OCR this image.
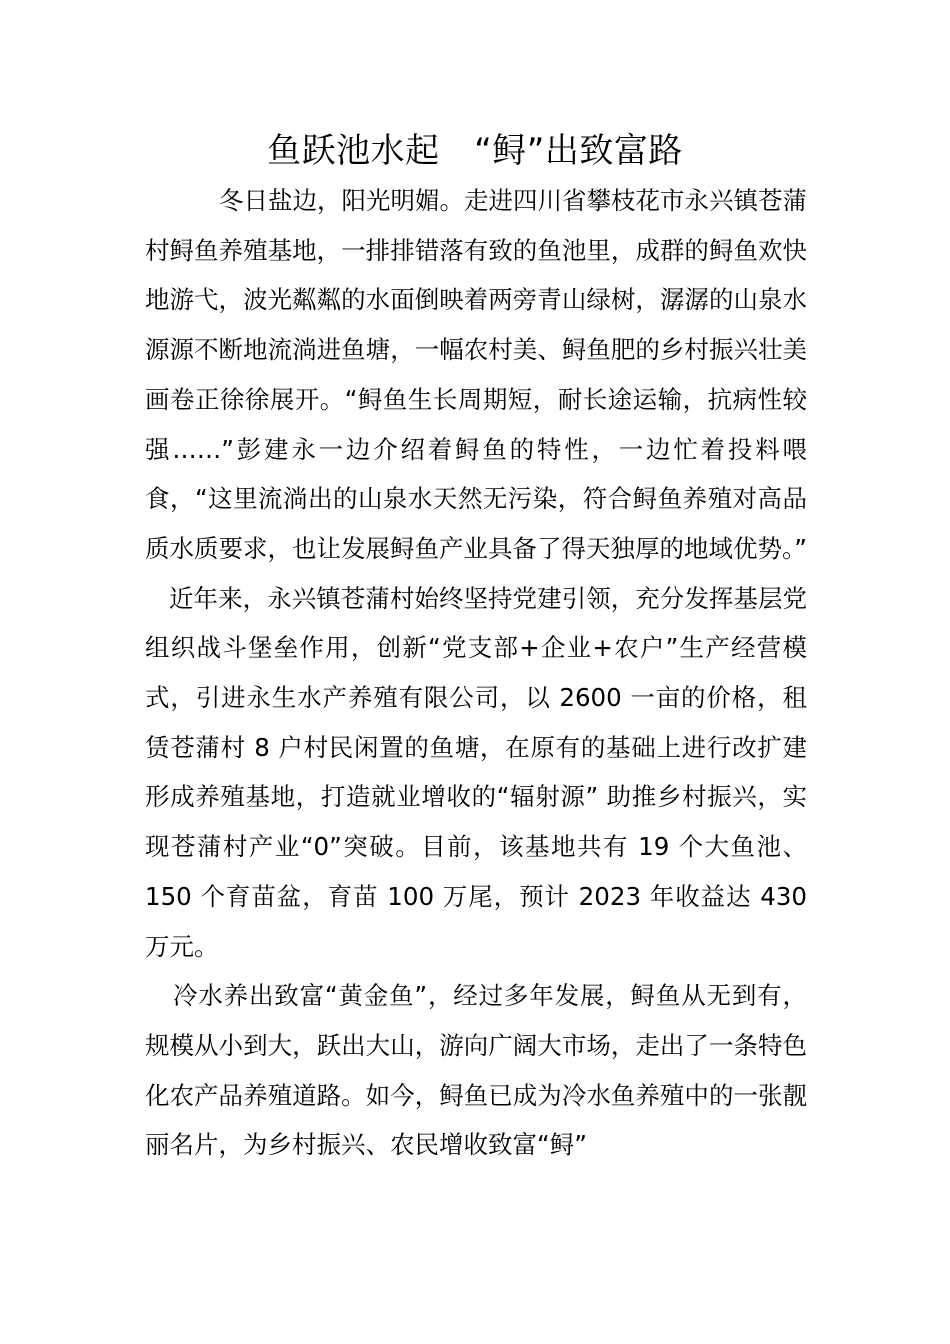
鱼跃池水起　“鲟”出致富路

冬日盐边，阳光明媚。走进四川省攀枝花市永兴镇苍蒲村鲟鱼养殖基地，一排排错落有致的鱼池里，成群的鲟鱼欢快地游弋，波光粼粼的水面倒映着两旁青山绿树，潺潺的山泉水源源不断地流淌进鱼塘，一幅农村美、鲟鱼肥的乡村振兴壮美画卷正徐徐展开。“鲟鱼生长周期短，耐长途运输，抗病性较强……”彭建永一边介绍着鲟鱼的特性，一边忙着投料喂食，“这里流淌出的山泉水天然无污染，符合鲟鱼养殖对高品质水质要求，也让发展鲟鱼产业具备了得天独厚的地域优势。”

近年来，永兴镇苍蒲村始终坚持党建引领，充分发挥基层党组织战斗堡垒作用，创新“党支部+企业+农户”生产经营模式，引进永生水产养殖有限公司，以 2600 一亩的价格，租赁苍蒲村 8 户村民闲置的鱼塘，在原有的基础上进行改扩建形成养殖基地，打造就业增收的“辐射源” 助推乡村振兴，实现苍蒲村产业“0”突破。目前，该基地共有 19 个大鱼池、150 个育苗盆，育苗 100 万尾，预计 2023 年收益达 430 万元。

冷水养出致富“黄金鱼”，经过多年发展，鲟鱼从无到有，规模从小到大，跃出大山，游向广阔大市场，走出了一条特色化农产品养殖道路。如今，鲟鱼已成为冷水鱼养殖中的一张靓丽名片，为乡村振兴、农民增收致富“鲟”
